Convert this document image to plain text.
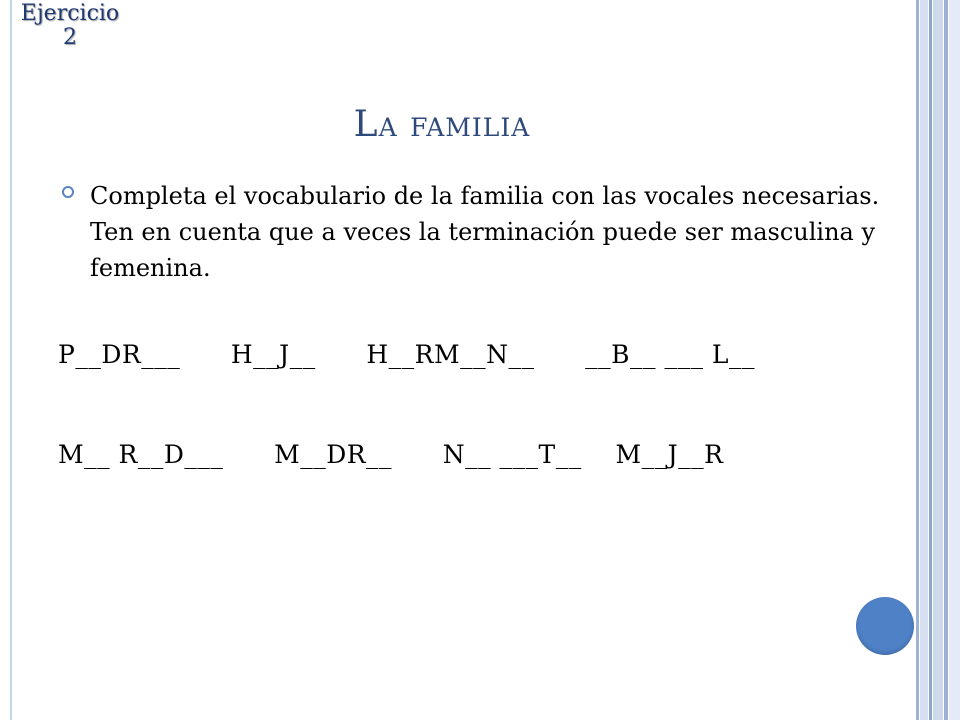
Ejercicio
2
La familia
Completa el vocabulario de la familia con las vocales necesarias. Ten en cuenta que a veces la terminación puede ser masculina y femenina.
P__DR___      H__J__      H__RM__N__      __B__ ___ L__
M__ R__D___      M__DR__      N__ ___T__    M__J__R
